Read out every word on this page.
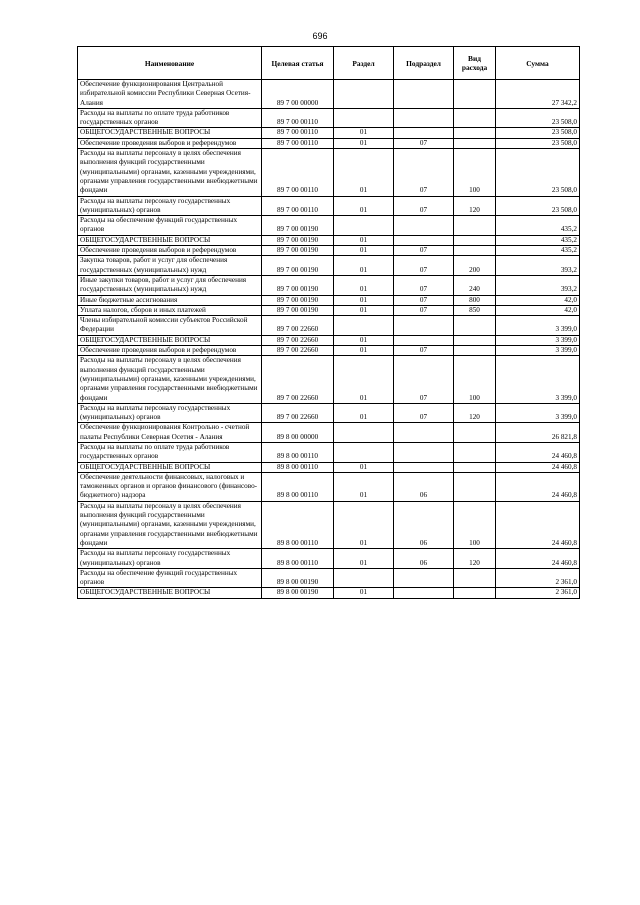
696
Наименование	Целевая статья	Раздел	Подраздел	Вид расхода	Сумма
Обеспечение функционирования Центральной избирательной комиссии Республики Северная Осетия-Алания	89 7 00 00000				27 342,2
Расходы на выплаты по оплате труда работников государственных органов	89 7 00 00110				23 508,0
ОБЩЕГОСУДАРСТВЕННЫЕ ВОПРОСЫ	89 7 00 00110	01			23 508,0
Обеспечение проведения выборов и референдумов	89 7 00 00110	01	07		23 508,0
Расходы на выплаты персоналу в целях обеспечения выполнения функций государственными (муниципальными) органами, казенными учреждениями, органами управления государственными внебюджетными фондами	89 7 00 00110	01	07	100	23 508,0
Расходы на выплаты персоналу государственных (муниципальных) органов	89 7 00 00110	01	07	120	23 508,0
Расходы на обеспечение функций государственных органов	89 7 00 00190				435,2
ОБЩЕГОСУДАРСТВЕННЫЕ ВОПРОСЫ	89 7 00 00190	01			435,2
Обеспечение проведения выборов и референдумов	89 7 00 00190	01	07		435,2
Закупка товаров, работ и услуг для обеспечения государственных (муниципальных) нужд	89 7 00 00190	01	07	200	393,2
Иные закупки товаров, работ и услуг для обеспечения государственных (муниципальных) нужд	89 7 00 00190	01	07	240	393,2
Иные бюджетные ассигнования	89 7 00 00190	01	07	800	42,0
Уплата налогов, сборов и иных платежей	89 7 00 00190	01	07	850	42,0
Члены избирательной комиссии субъектов Российской Федерации	89 7 00 22660				3 399,0
ОБЩЕГОСУДАРСТВЕННЫЕ ВОПРОСЫ	89 7 00 22660	01			3 399,0
Обеспечение проведения выборов и референдумов	89 7 00 22660	01	07		3 399,0
Расходы на выплаты персоналу в целях обеспечения выполнения функций государственными (муниципальными) органами, казенными учреждениями, органами управления государственными внебюджетными фондами	89 7 00 22660	01	07	100	3 399,0
Расходы на выплаты персоналу государственных (муниципальных) органов	89 7 00 22660	01	07	120	3 399,0
Обеспечение функционирования Контрольно - счетной палаты Республики Северная Осетия - Алания	89 8 00 00000				26 821,8
Расходы на выплаты по оплате труда работников государственных органов	89 8 00 00110				24 460,8
ОБЩЕГОСУДАРСТВЕННЫЕ ВОПРОСЫ	89 8 00 00110	01			24 460,8
Обеспечение деятельности финансовых, налоговых и таможенных органов и органов финансового (финансово-бюджетного) надзора	89 8 00 00110	01	06		24 460,8
Расходы на выплаты персоналу в целях обеспечения выполнения функций государственными (муниципальными) органами, казенными учреждениями, органами управления государственными внебюджетными фондами	89 8 00 00110	01	06	100	24 460,8
Расходы на выплаты персоналу государственных (муниципальных) органов	89 8 00 00110	01	06	120	24 460,8
Расходы на обеспечение функций государственных органов	89 8 00 00190				2 361,0
ОБЩЕГОСУДАРСТВЕННЫЕ ВОПРОСЫ	89 8 00 00190	01			2 361,0
